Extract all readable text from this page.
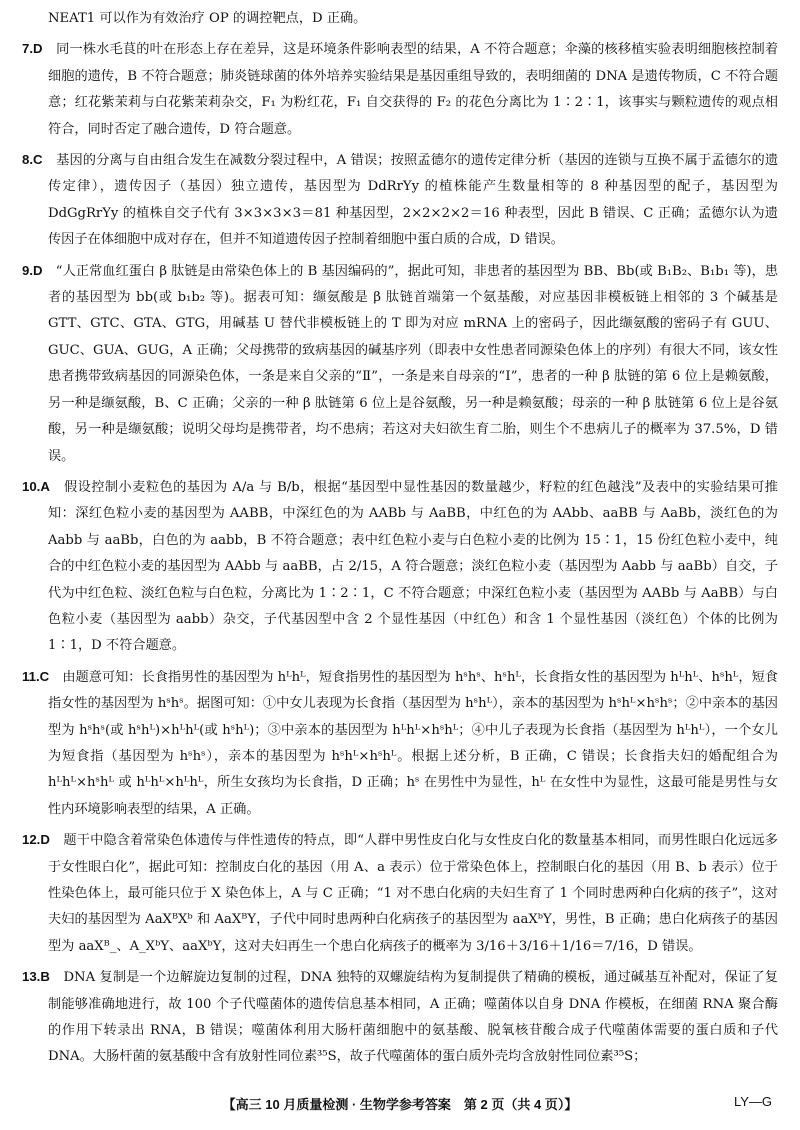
NEAT1 可以作为有效治疗 OP 的调控靶点，D 正确。

7.D　 同一株水毛茛的叶在形态上存在差异，这是环境条件影响表型的结果，A 不符合题意；伞藻的核移植实验表明细胞核控制着细胞的遗传，B 不符合题意；肺炎链球菌的体外培养实验结果是基因重组导致的，表明细菌的 DNA 是遗传物质，C 不符合题意；红花紫茉莉与白花紫茉莉杂交，F₁ 为粉红花，F₁ 自交获得的 F₂ 的花色分离比为 1∶2∶1，该事实与颗粒遗传的观点相符合，同时否定了融合遗传，D 符合题意。

8.C　 基因的分离与自由组合发生在减数分裂过程中，A 错误；按照孟德尔的遗传定律分析（基因的连锁与互换不属于孟德尔的遗传定律），遗传因子（基因）独立遗传，基因型为 DdRrYy 的植株能产生数量相等的 8 种基因型的配子，基因型为 DdGgRrYy 的植株自交子代有 3×3×3×3＝81 种基因型，2×2×2×2＝16 种表型，因此 B 错误、C 正确；孟德尔认为遗传因子在体细胞中成对存在，但并不知道遗传因子控制着细胞中蛋白质的合成，D 错误。

9.D　 “人正常血红蛋白 β 肽链是由常染色体上的 B 基因编码的”，据此可知，非患者的基因型为 BB、Bb(或 B₁B₂、B₁b₁ 等)，患者的基因型为 bb(或 b₁b₂ 等)。据表可知：缬氨酸是 β 肽链首端第一个氨基酸，对应基因非模板链上相邻的 3 个碱基是 GTT、GTC、GTA、GTG，用碱基 U 替代非模板链上的 T 即为对应 mRNA 上的密码子，因此缬氨酸的密码子有 GUU、GUC、GUA、GUG，A 正确；父母携带的致病基因的碱基序列（即表中女性患者同源染色体上的序列）有很大不同，该女性患者携带致病基因的同源染色体，一条是来自父亲的“Ⅱ”，一条是来自母亲的“Ⅰ”，患者的一种 β 肽链的第 6 位上是赖氨酸，另一种是缬氨酸，B、C 正确；父亲的一种 β 肽链第 6 位上是谷氨酸，另一种是赖氨酸；母亲的一种 β 肽链第 6 位上是谷氨酸，另一种是缬氨酸；说明父母均是携带者，均不患病；若这对夫妇欲生育二胎，则生个不患病儿子的概率为 37.5%，D 错误。

10.A　 假设控制小麦粒色的基因为 A/a 与 B/b，根据“基因型中显性基因的数量越少，籽粒的红色越浅”及表中的实验结果可推知：深红色粒小麦的基因型为 AABB，中深红色的为 AABb 与 AaBB，中红色的为 AAbb、aaBB 与 AaBb，淡红色的为 Aabb 与 aaBb，白色的为 aabb，B 不符合题意；表中红色粒小麦与白色粒小麦的比例为 15∶1，15 份红色粒小麦中，纯合的中红色粒小麦的基因型为 AAbb 与 aaBB，占 2/15，A 符合题意；淡红色粒小麦（基因型为 Aabb 与 aaBb）自交，子代为中红色粒、淡红色粒与白色粒，分离比为 1∶2∶1，C 不符合题意；中深红色粒小麦（基因型为 AABb 与 AaBB）与白色粒小麦（基因型为 aabb）杂交，子代基因型中含 2 个显性基因（中红色）和含 1 个显性基因（淡红色）个体的比例为 1∶1，D 不符合题意。

11.C　 由题意可知：长食指男性的基因型为 hᴸhᴸ，短食指男性的基因型为 hˢhˢ、hˢhᴸ，长食指女性的基因型为 hᴸhᴸ、hˢhᴸ，短食指女性的基因型为 hˢhˢ。据图可知：①中女儿表现为长食指（基因型为 hˢhᴸ），亲本的基因型为 hˢhᴸ×hˢhˢ；②中亲本的基因型为 hˢhˢ(或 hˢhᴸ)×hᴸhᴸ(或 hˢhᴸ)；③中亲本的基因型为 hᴸhᴸ×hˢhᴸ；④中儿子表现为长食指（基因型为 hᴸhᴸ），一个女儿为短食指（基因型为 hˢhˢ），亲本的基因型为 hˢhᴸ×hˢhᴸ。根据上述分析，B 正确，C 错误；长食指夫妇的婚配组合为 hᴸhᴸ×hˢhᴸ 或 hᴸhᴸ×hᴸhᴸ，所生女孩均为长食指，D 正确；hˢ 在男性中为显性，hᴸ 在女性中为显性，这最可能是男性与女性内环境影响表型的结果，A 正确。

12.D　 题干中隐含着常染色体遗传与伴性遗传的特点，即“人群中男性皮白化与女性皮白化的数量基本相同，而男性眼白化远远多于女性眼白化”，据此可知：控制皮白化的基因（用 A、a 表示）位于常染色体上，控制眼白化的基因（用 B、b 表示）位于性染色体上，最可能只位于 X 染色体上，A 与 C 正确；“1 对不患白化病的夫妇生育了 1 个同时患两种白化病的孩子”，这对夫妇的基因型为 AaXᴮXᵇ 和 AaXᴮY，子代中同时患两种白化病孩子的基因型为 aaXᵇY，男性，B 正确；患白化病孩子的基因型为 aaXᴮ_、A_XᵇY、aaXᵇY，这对夫妇再生一个患白化病孩子的概率为 3/16＋3/16＋1/16＝7/16，D 错误。

13.B　 DNA 复制是一个边解旋边复制的过程，DNA 独特的双螺旋结构为复制提供了精确的模板，通过碱基互补配对，保证了复制能够准确地进行，故 100 个子代噬菌体的遗传信息基本相同，A 正确；噬菌体以自身 DNA 作模板，在细菌 RNA 聚合酶的作用下转录出 RNA，B 错误；噬菌体利用大肠杆菌细胞中的氨基酸、脱氧核苷酸合成子代噬菌体需要的蛋白质和子代 DNA。大肠杆菌的氨基酸中含有放射性同位素³⁵S，故子代噬菌体的蛋白质外壳均含放射性同位素³⁵S；

【高三 10 月质量检测 · 生物学参考答案　第 2 页（共 4 页）】	LY—G
